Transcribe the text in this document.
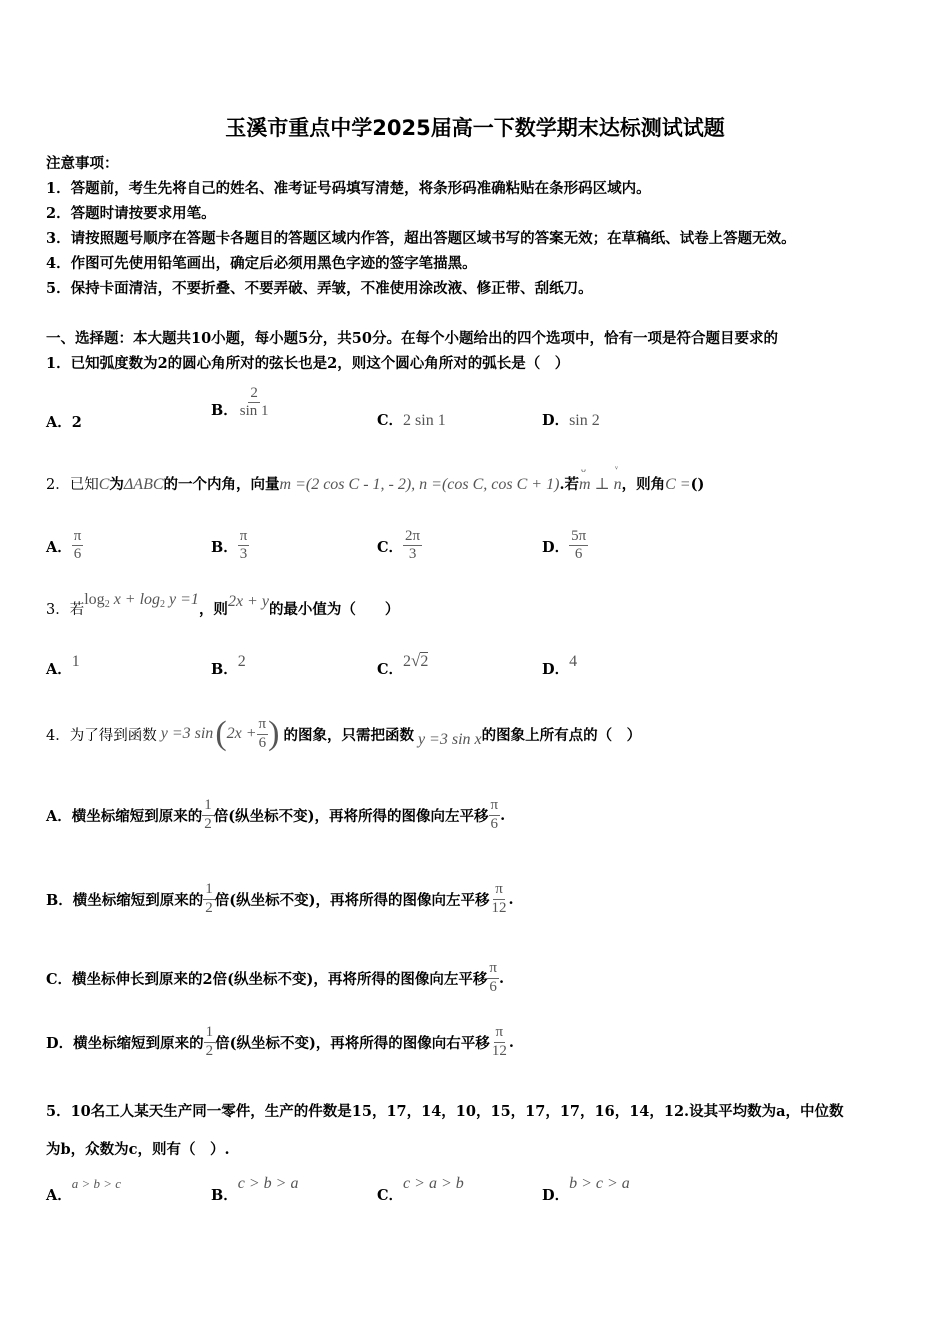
玉溪市重点中学2025届高一下数学期末达标测试试题
注意事项：
1．答题前，考生先将自己的姓名、准考证号码填写清楚，将条形码准确粘贴在条形码区域内。
2．答题时请按要求用笔。
3．请按照题号顺序在答题卡各题目的答题区域内作答，超出答题区域书写的答案无效；在草稿纸、试卷上答题无效。
4．作图可先使用铅笔画出，确定后必须用黑色字迹的签字笔描黑。
5．保持卡面清洁，不要折叠、不要弄破、弄皱，不准使用涂改液、修正带、刮纸刀。
一、选择题：本大题共10小题，每小题5分，共50分。在每个小题给出的四个选项中，恰有一项是符合题目要求的
1．已知弧度数为2的圆心角所对的弦长也是2，则这个圆心角所对的弧长是（　）
A．2
B． $\frac{2}{\sin 1}$	C．2 sin 1	D．sin 2
2．已知C为ΔABC的一个内角，向量m =(2 cos C - 1, - 2), n =(cos C, cos C + 1).若
ᴗ	ᵛ
m ⊥ n，则角C =()
A． $\frac{\pi}{6}$	B． $\frac{\pi}{3}$	C． $\frac{2\pi}{3}$	D． $\frac{5\pi}{6}$
3．若$\log_2 x + \log_2 y =1$，则2x + y的最小值为（　　）
A．1	B．2	C．2√2	D．4
4．为了得到函数 y =3 sin ( $2x + \frac{\pi}{6}$ ) 的图象，只需把函数 y =3 sin x 的图象上所有点的（　）
A． 横坐标缩短到原来的 $\frac{1}{2}$ 倍(纵坐标不变)，再将所得的图像向左平移 $\frac{\pi}{6}$ .
B． 横坐标缩短到原来的 $\frac{1}{2}$ 倍(纵坐标不变)，再将所得的图像向左平移 $\frac{\pi}{12}$ .
C． 横坐标伸长到原来的2倍(纵坐标不变)，再将所得的图像向左平移 $\frac{\pi}{6}$ .
D． 横坐标缩短到原来的 $\frac{1}{2}$ 倍(纵坐标不变)，再将所得的图像向右平移 $\frac{\pi}{12}$ .
5．10名工人某天生产同一零件，生产的件数是15，17，14，10，15，17，17，16，14，12.设其平均数为a，中位数
为b，众数为c，则有（　）.
A．$^{a > b > c}$
B．c > b > a
C．c > a > b
D．b > c > a
